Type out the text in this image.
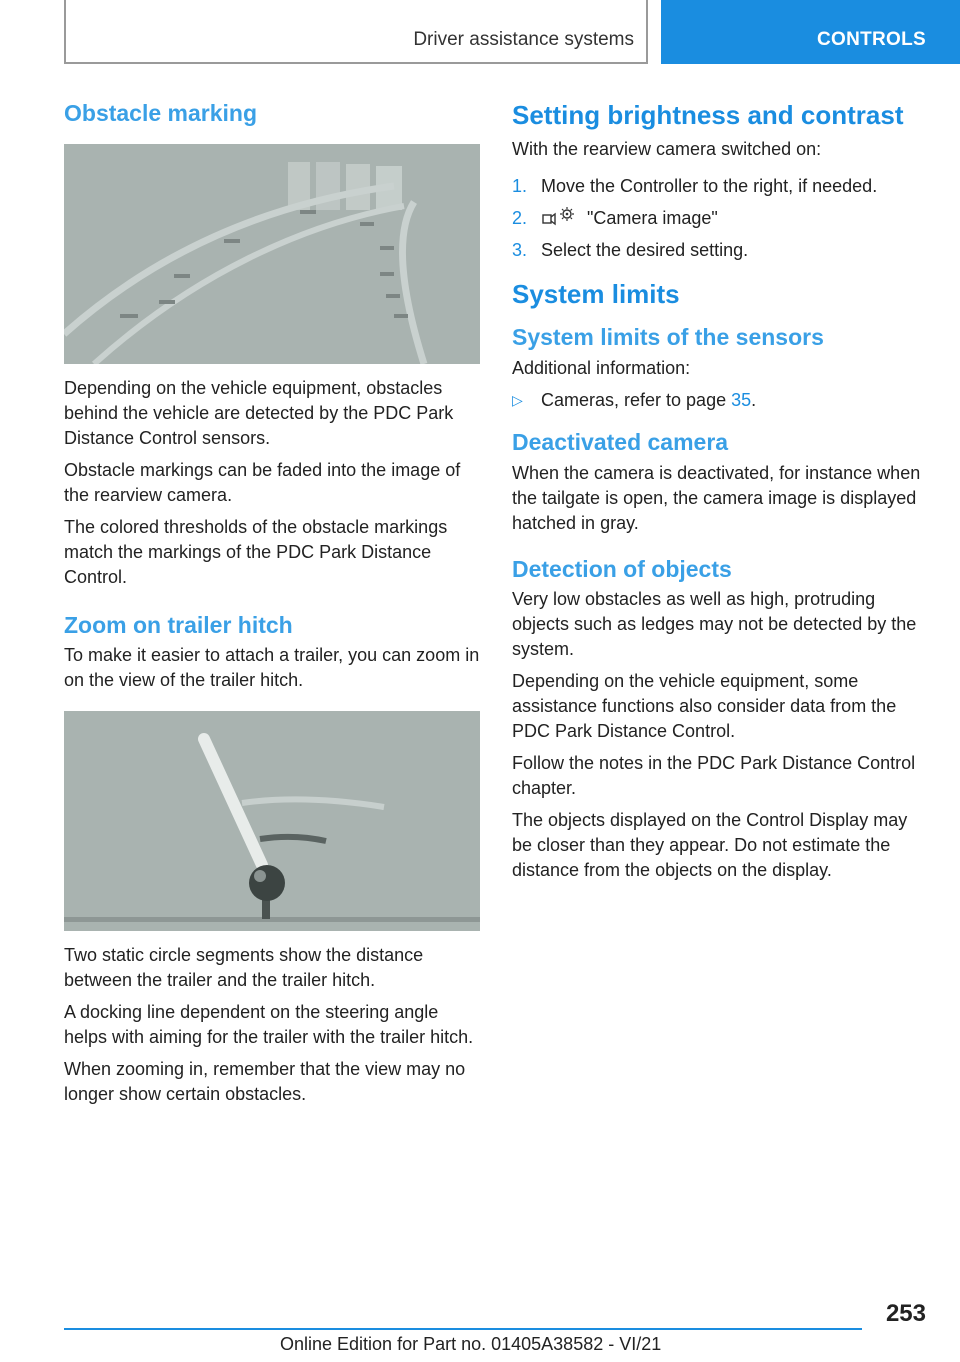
Driver assistance systems	CONTROLS
Obstacle marking

Depending on the vehicle equipment, obstacles behind the vehicle are detected by the PDC Park Distance Control sensors.

Obstacle markings can be faded into the image of the rearview camera.

The colored thresholds of the obstacle markings match the markings of the PDC Park Distance Control.

Zoom on trailer hitch

To make it easier to attach a trailer, you can zoom in on the view of the trailer hitch.

Two static circle segments show the distance between the trailer and the trailer hitch.

A docking line dependent on the steering angle helps with aiming for the trailer with the trailer hitch.

When zooming in, remember that the view may no longer show certain obstacles.

Setting brightness and contrast

With the rearview camera switched on:

1. Move the Controller to the right, if needed.
2.	"Camera image"
3. Select the desired setting.
System limits
System limits of the sensors

Additional information:

▷	Cameras, refer to page 35.
Deactivated camera

When the camera is deactivated, for instance when the tailgate is open, the camera image is displayed hatched in gray.

Detection of objects

Very low obstacles as well as high, protruding objects such as ledges may not be detected by the system.

Depending on the vehicle equipment, some assistance functions also consider data from the PDC Park Distance Control.

Follow the notes in the PDC Park Distance Control chapter.

The objects displayed on the Control Display may be closer than they appear. Do not estimate the distance from the objects on the display.

253
Online Edition for Part no. 01405A38582 - VI/21
